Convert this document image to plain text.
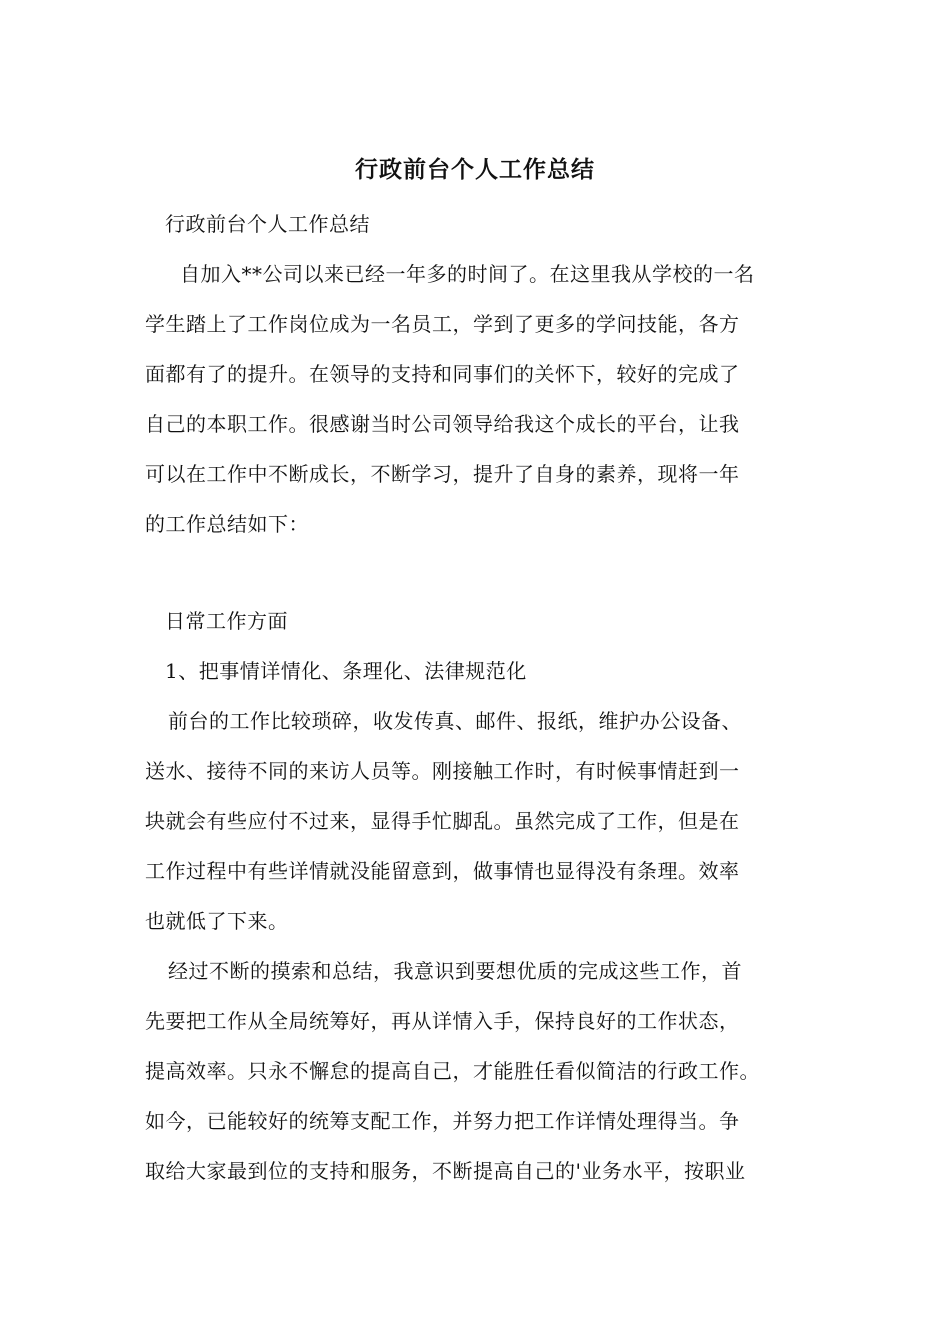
行政前台个人工作总结
行政前台个人工作总结
自加入**公司以来已经一年多的时间了。在这里我从学校的一名
学生踏上了工作岗位成为一名员工，学到了更多的学问技能，各方
面都有了的提升。在领导的支持和同事们的关怀下，较好的完成了
自己的本职工作。很感谢当时公司领导给我这个成长的平台，让我
可以在工作中不断成长，不断学习，提升了自身的素养，现将一年
的工作总结如下：
日常工作方面
1、把事情详情化、条理化、法律规范化
前台的工作比较琐碎，收发传真、邮件、报纸，维护办公设备、
送水、接待不同的来访人员等。刚接触工作时，有时候事情赶到一
块就会有些应付不过来，显得手忙脚乱。虽然完成了工作，但是在
工作过程中有些详情就没能留意到，做事情也显得没有条理。效率
也就低了下来。
经过不断的摸索和总结，我意识到要想优质的完成这些工作，首
先要把工作从全局统筹好，再从详情入手，保持良好的工作状态，
提高效率。只永不懈怠的提高自己，才能胜任看似简洁的行政工作。
如今，已能较好的统筹支配工作，并努力把工作详情处理得当。争
取给大家最到位的支持和服务，不断提高自己的'业务水平，按职业
